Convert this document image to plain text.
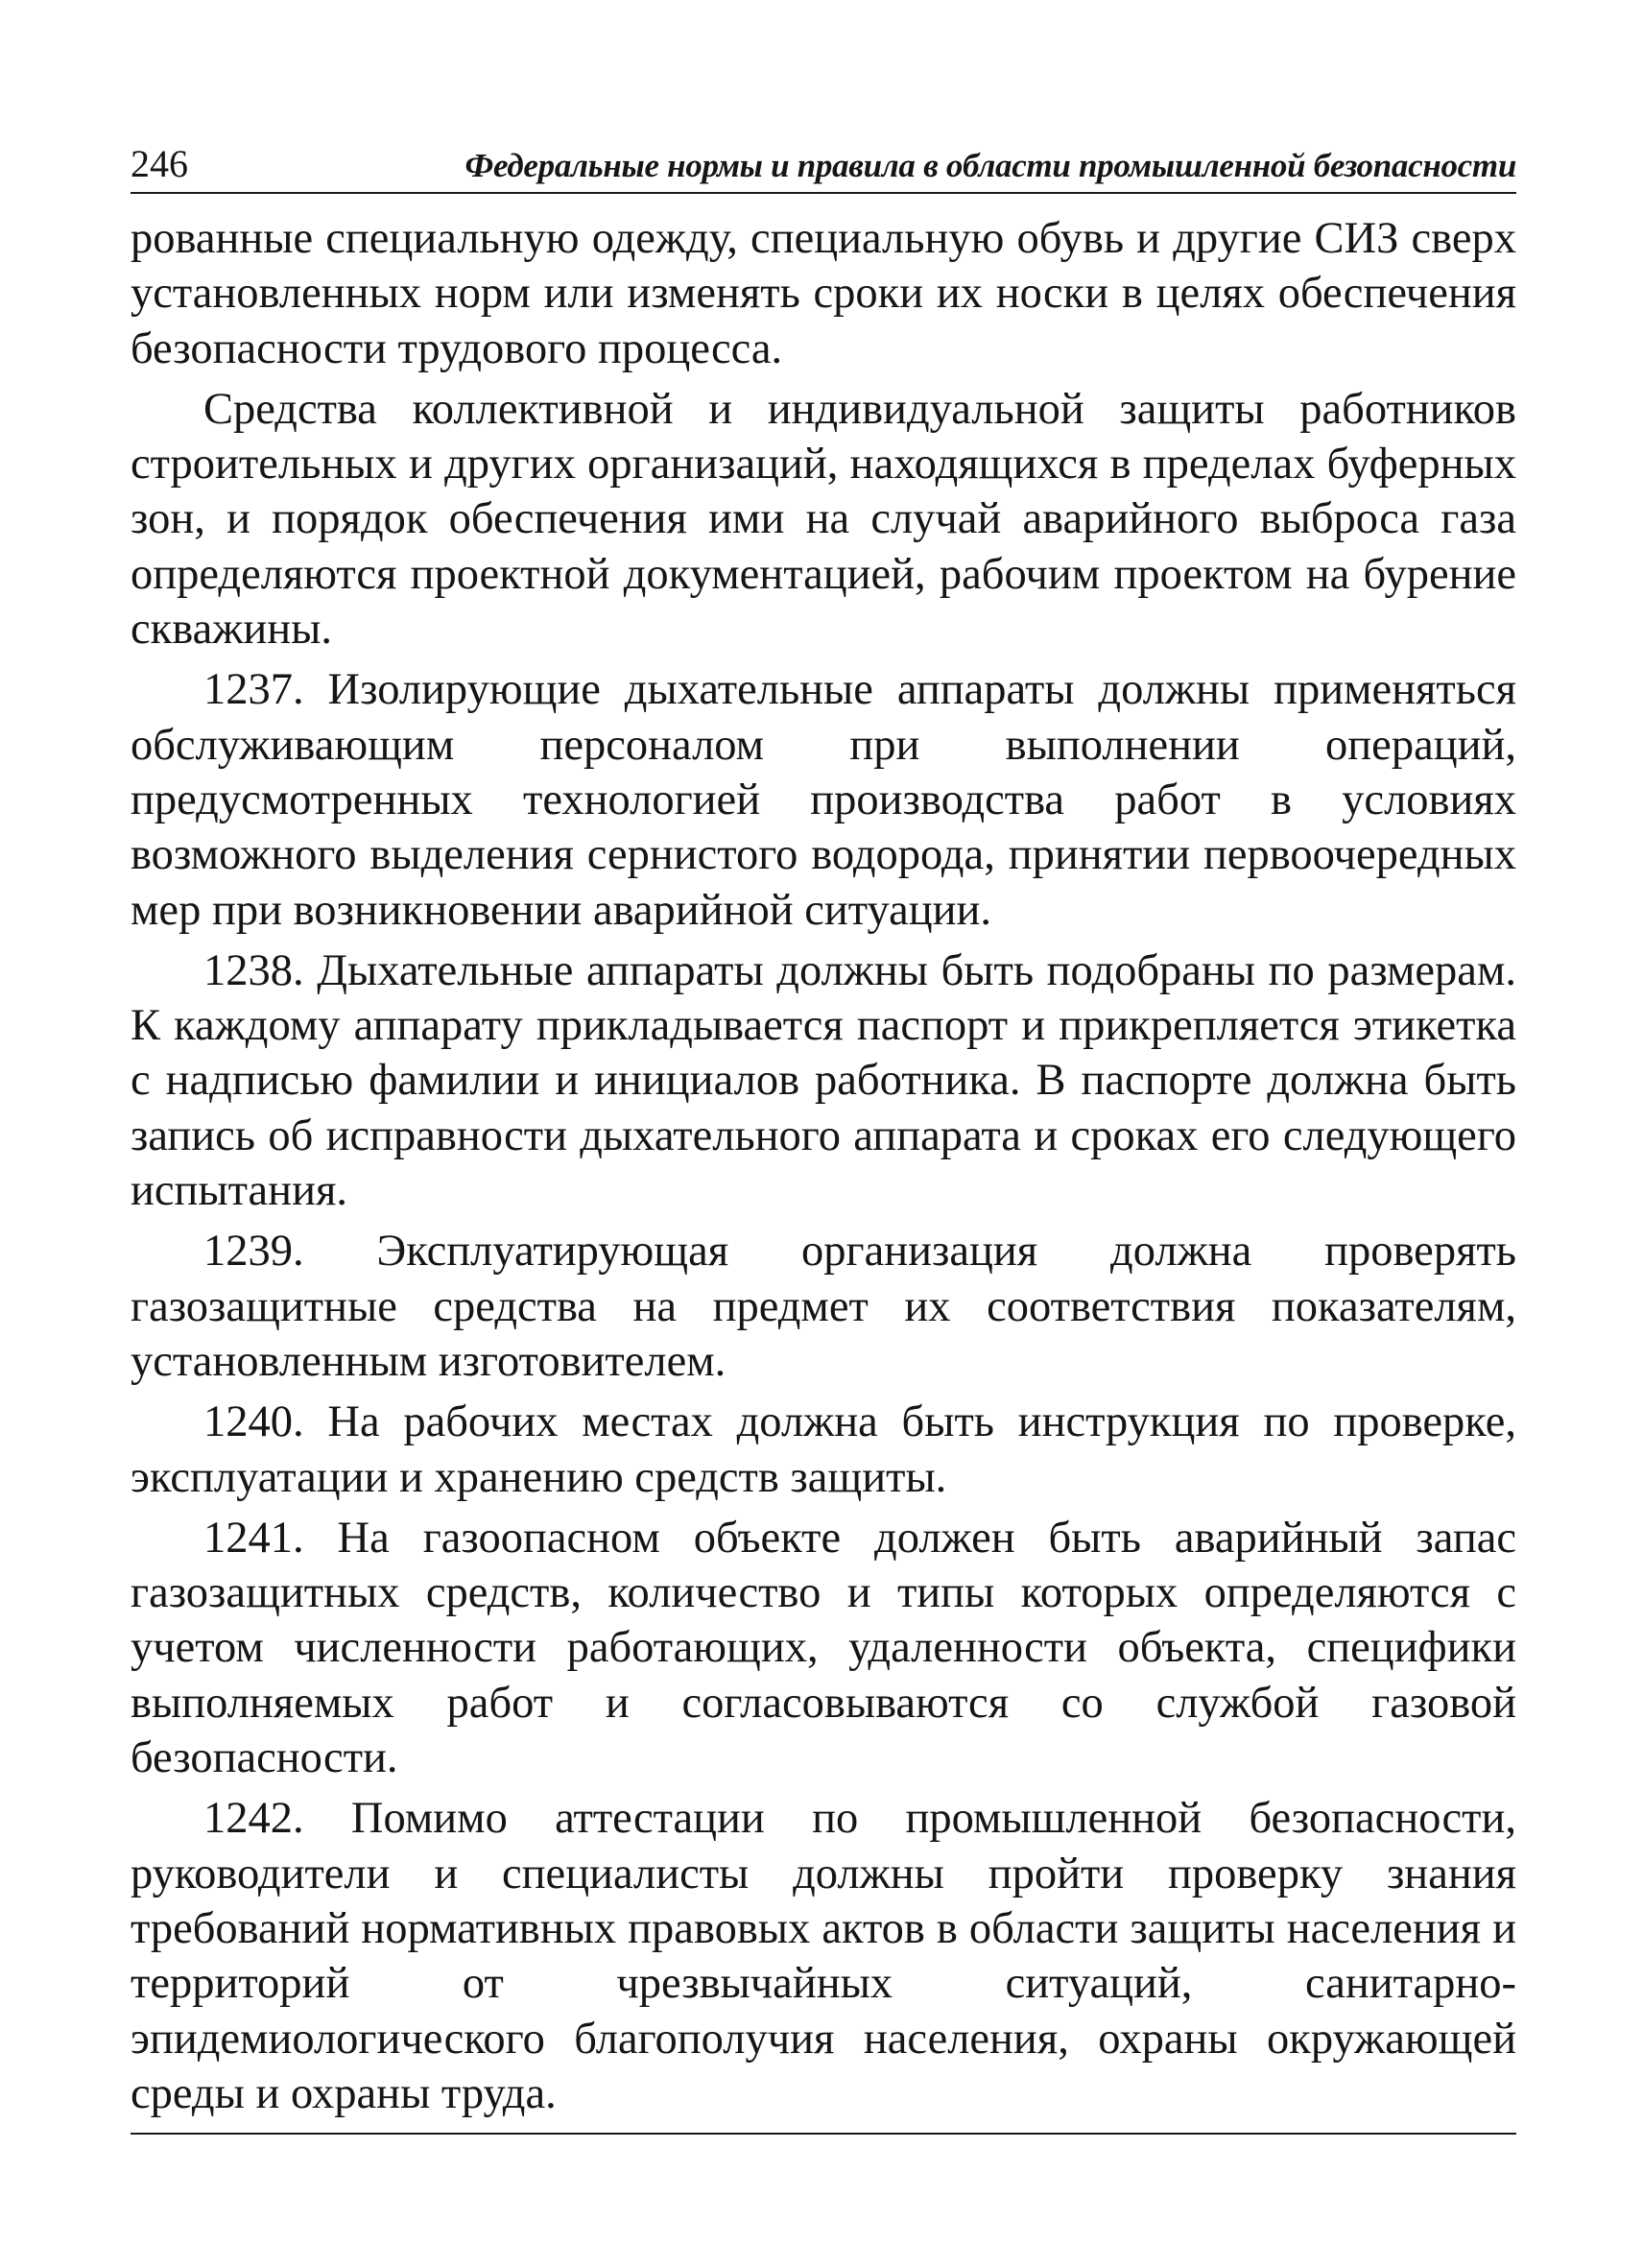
246	Федеральные нормы и правила в области промышленной безопасности

рованные специальную одежду, специальную обувь и другие СИЗ сверх установленных норм или изменять сроки их носки в целях обеспечения безопасности трудового процесса.

Средства коллективной и индивидуальной защиты работников строительных и других организаций, находящихся в пределах буферных зон, и порядок обеспечения ими на случай аварийного выброса газа определяются проектной документацией, рабочим проектом на бурение скважины.

1237. Изолирующие дыхательные аппараты должны применяться обслуживающим персоналом при выполнении операций, предусмотренных технологией производства работ в условиях возможного выделения сернистого водорода, принятии первоочередных мер при возникновении аварийной ситуации.

1238. Дыхательные аппараты должны быть подобраны по размерам. К каждому аппарату прикладывается паспорт и прикрепляется этикетка с надписью фамилии и инициалов работника. В паспорте должна быть запись об исправности дыхательного аппарата и сроках его следующего испытания.

1239. Эксплуатирующая организация должна проверять газозащитные средства на предмет их соответствия показателям, установленным изготовителем.

1240. На рабочих местах должна быть инструкция по проверке, эксплуатации и хранению средств защиты.

1241. На газоопасном объекте должен быть аварийный запас газозащитных средств, количество и типы которых определяются с учетом численности работающих, удаленности объекта, специфики выполняемых работ и согласовываются со службой газовой безопасности.

1242. Помимо аттестации по промышленной безопасности, руководители и специалисты должны пройти проверку знания требований нормативных правовых актов в области защиты населения и территорий от чрезвычайных ситуаций, санитарно-эпидемиологического благополучия населения, охраны окружающей среды и охраны труда.
